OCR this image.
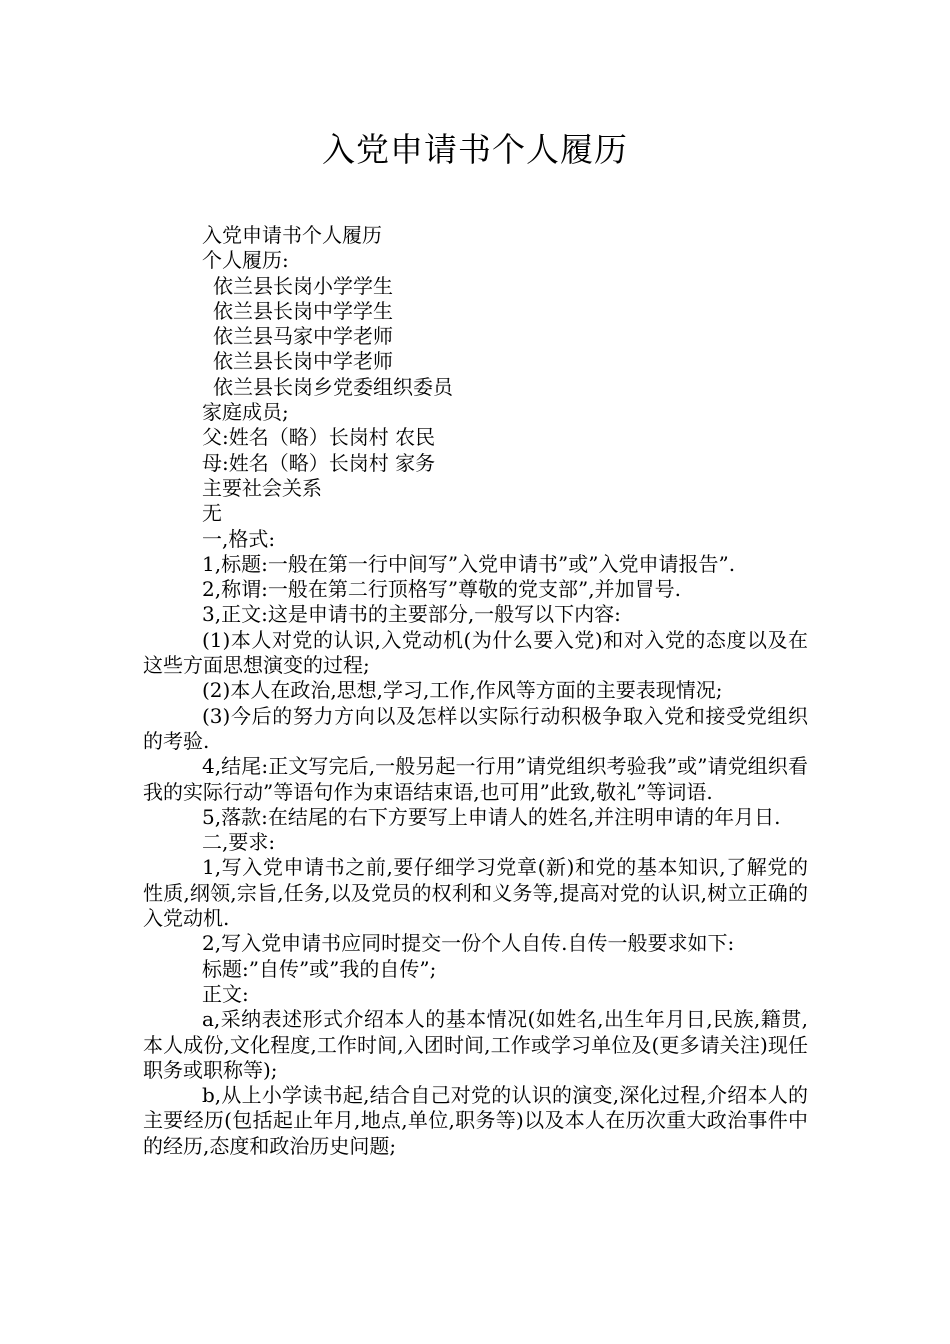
入党申请书个人履历

入党申请书个人履历

个人履历:

依兰县长岗小学学生

依兰县长岗中学学生

依兰县马家中学老师

依兰县长岗中学老师

依兰县长岗乡党委组织委员

家庭成员;

父:姓名（略）长岗村 农民

母:姓名（略）长岗村 家务

主要社会关系

无

一,格式:

1,标题:一般在第一行中间写”入党申请书”或”入党申请报告”.

2,称谓:一般在第二行顶格写”尊敬的党支部”,并加冒号.

3,正文:这是申请书的主要部分,一般写以下内容:

(1)本人对党的认识,入党动机(为什么要入党)和对入党的态度以及在这些方面思想演变的过程;

(2)本人在政治,思想,学习,工作,作风等方面的主要表现情况;

(3)今后的努力方向以及怎样以实际行动积极争取入党和接受党组织的考验.

4,结尾:正文写完后,一般另起一行用”请党组织考验我”或”请党组织看我的实际行动”等语句作为束语结束语,也可用”此致,敬礼”等词语.

5,落款:在结尾的右下方要写上申请人的姓名,并注明申请的年月日.

二,要求:

1,写入党申请书之前,要仔细学习党章(新)和党的基本知识,了解党的性质,纲领,宗旨,任务,以及党员的权利和义务等,提高对党的认识,树立正确的入党动机.

2,写入党申请书应同时提交一份个人自传.自传一般要求如下:

标题:”自传”或”我的自传”;

正文:

a,采纳表述形式介绍本人的基本情况(如姓名,出生年月日,民族,籍贯,本人成份,文化程度,工作时间,入团时间,工作或学习单位及(更多请关注)现任职务或职称等);

b,从上小学读书起,结合自己对党的认识的演变,深化过程,介绍本人的主要经历(包括起止年月,地点,单位,职务等)以及本人在历次重大政治事件中的经历,态度和政治历史问题;
